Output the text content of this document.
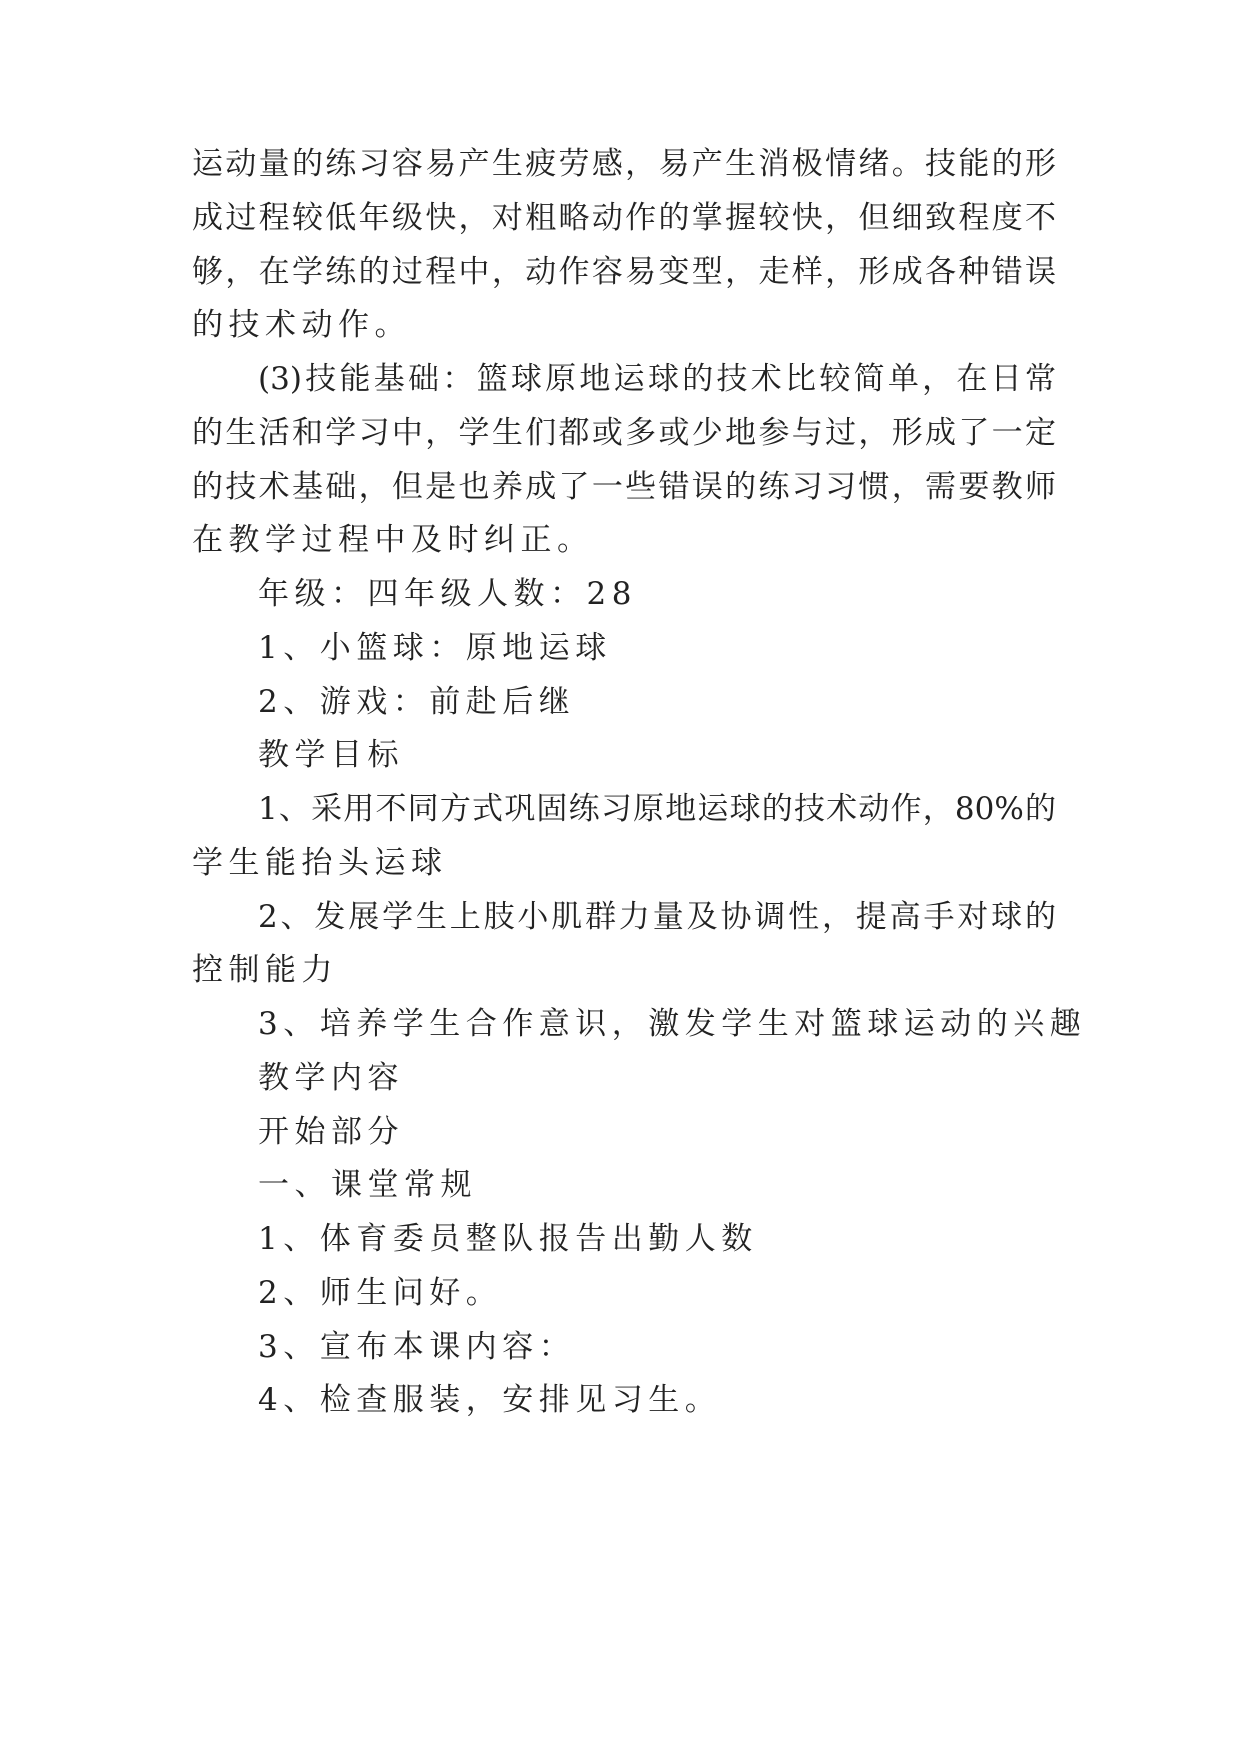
运动量的练习容易产生疲劳感，易产生消极情绪。技能的形
成过程较低年级快，对粗略动作的掌握较快，但细致程度不
够，在学练的过程中，动作容易变型，走样，形成各种错误
的技术动作。
(3)技能基础：篮球原地运球的技术比较简单，在日常
的生活和学习中，学生们都或多或少地参与过，形成了一定
的技术基础，但是也养成了一些错误的练习习惯，需要教师
在教学过程中及时纠正。
年级：四年级人数：28
1、小篮球：原地运球
2、游戏：前赴后继
教学目标
1、采用不同方式巩固练习原地运球的技术动作，80%的
学生能抬头运球
2、发展学生上肢小肌群力量及协调性，提高手对球的
控制能力
3、培养学生合作意识，激发学生对篮球运动的兴趣
教学内容
开始部分
一、课堂常规
1、体育委员整队报告出勤人数
2、师生问好。
3、宣布本课内容：
4、检查服装，安排见习生。
